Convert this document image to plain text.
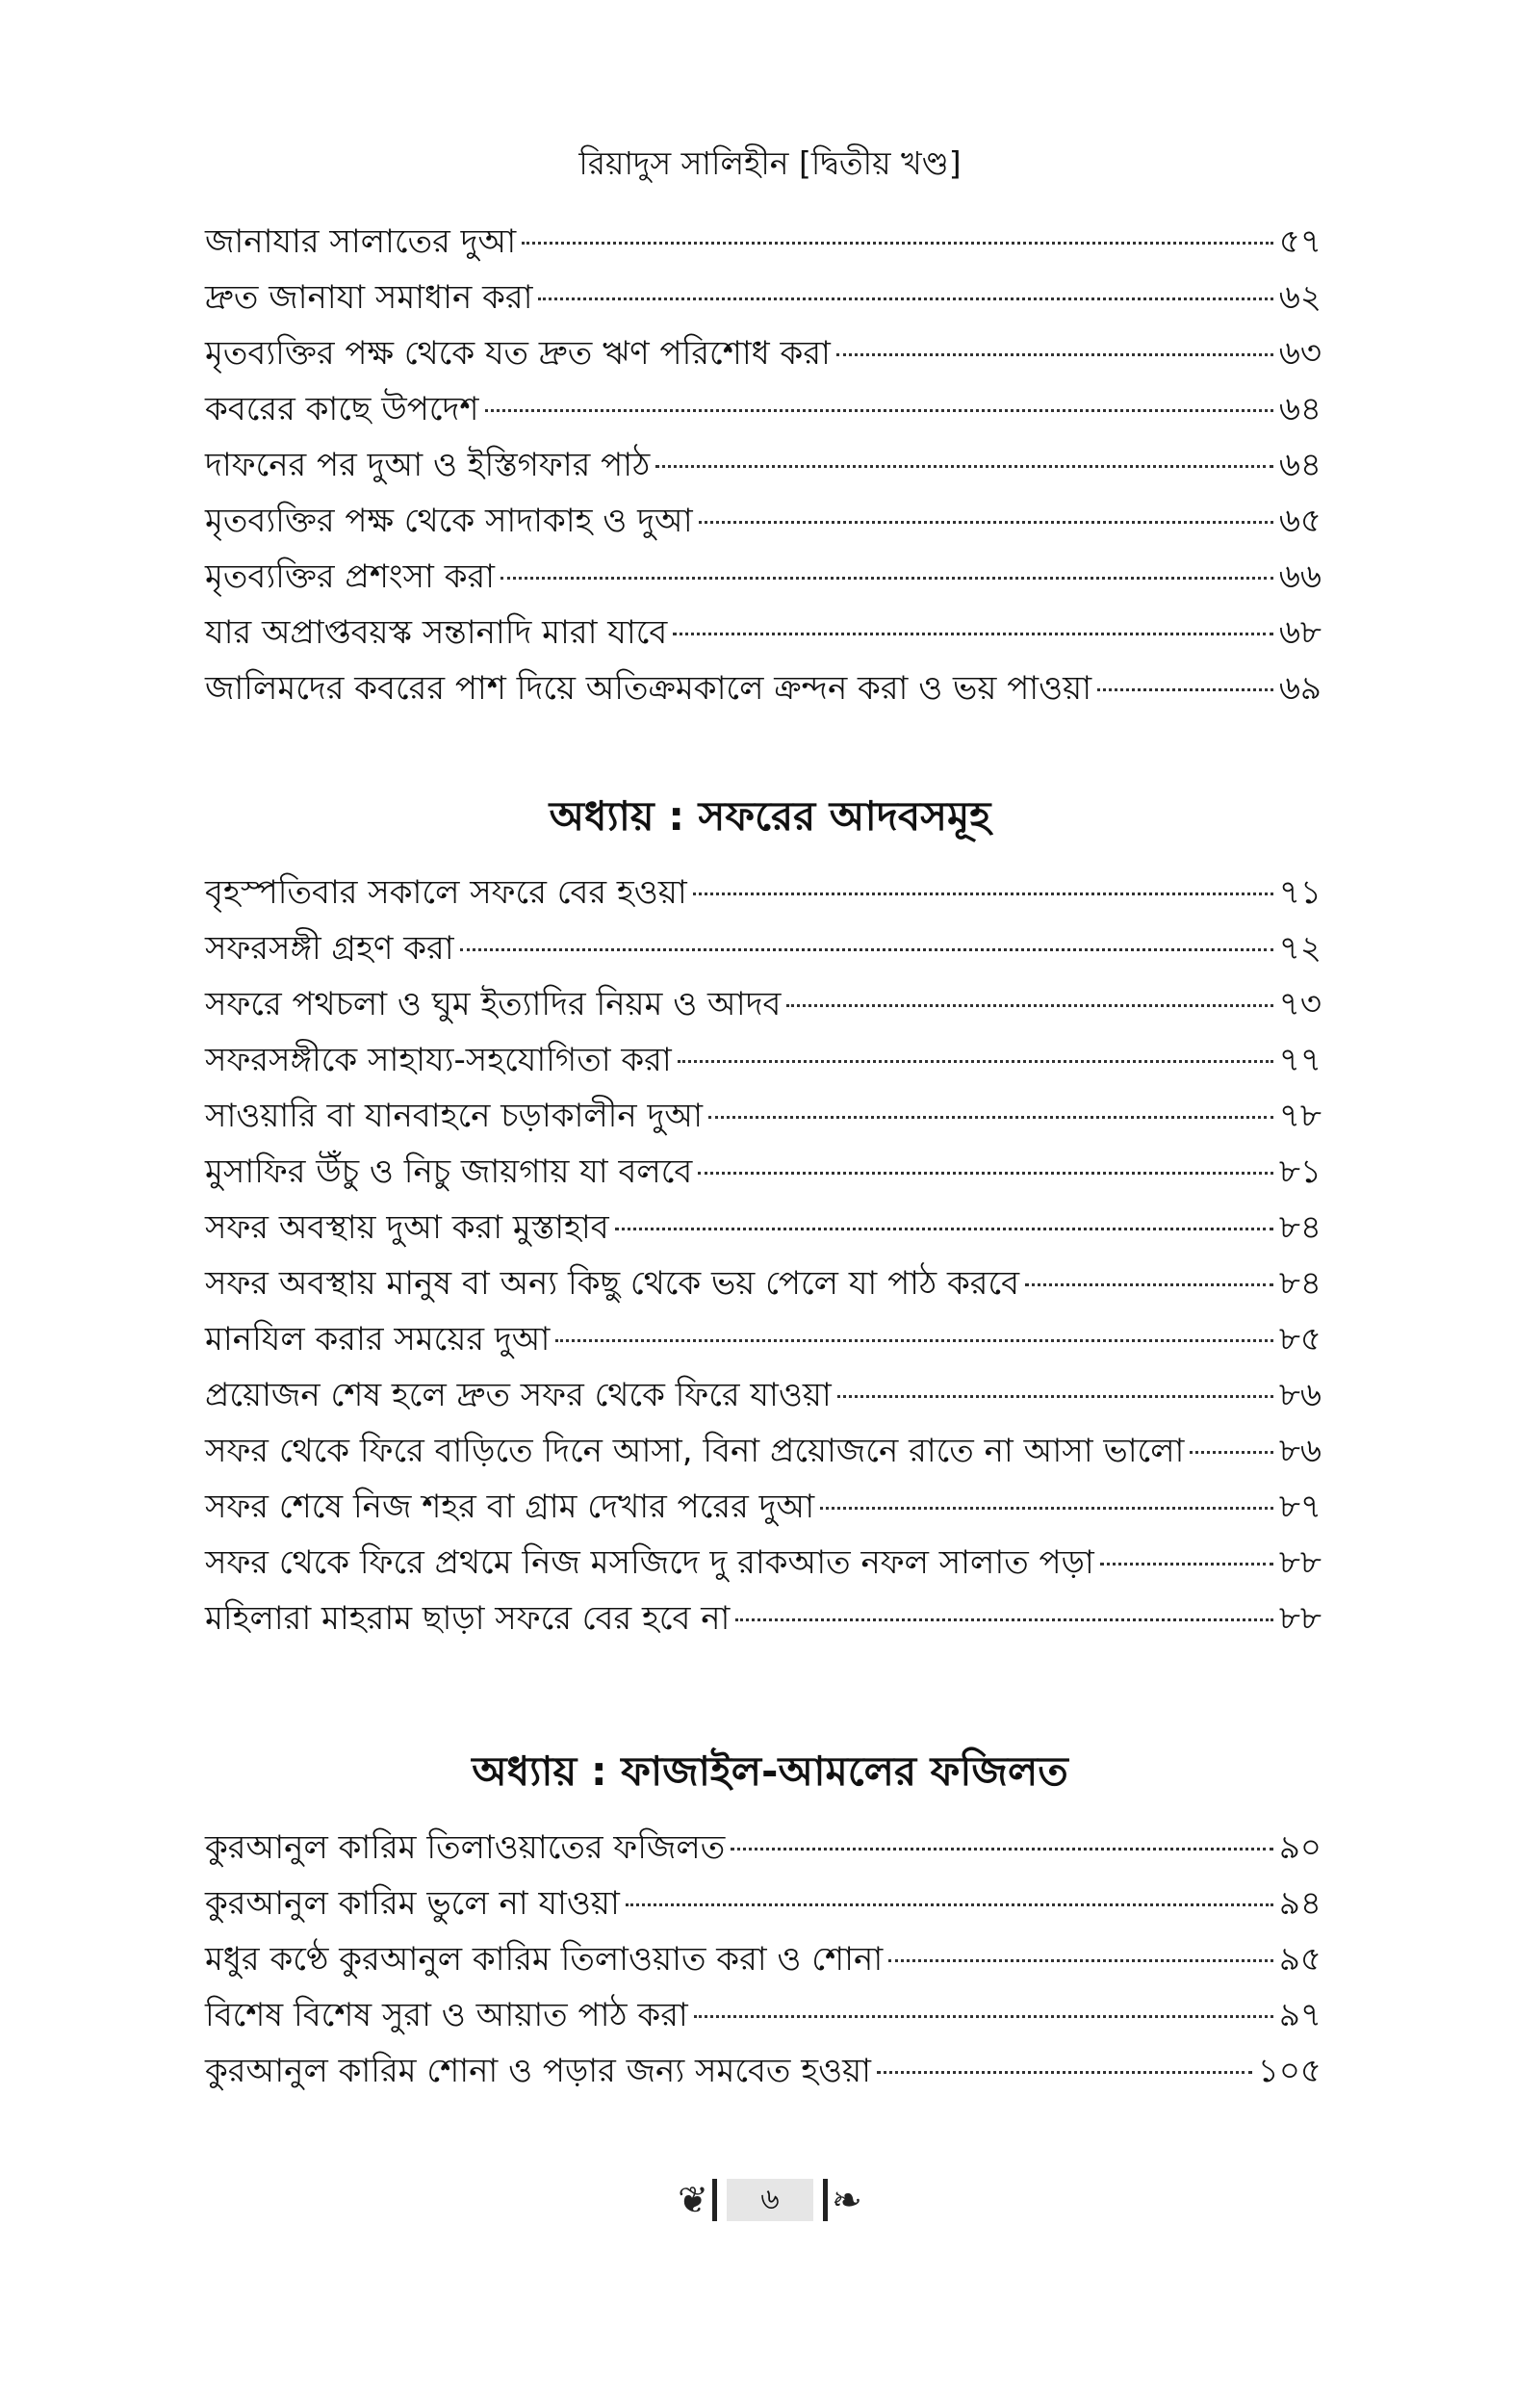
রিয়াদুস সালিহীন [দ্বিতীয় খণ্ড]
জানাযার সালাতের দুআ	৫৭
দ্রুত জানাযা সমাধান করা	৬২
মৃতব্যক্তির পক্ষ থেকে যত দ্রুত ঋণ পরিশোধ করা	৬৩
কবরের কাছে উপদেশ	৬৪
দাফনের পর দুআ ও ইস্তিগফার পাঠ	৬৪
মৃতব্যক্তির পক্ষ থেকে সাদাকাহ ও দুআ	৬৫
মৃতব্যক্তির প্রশংসা করা	৬৬
যার অপ্রাপ্তবয়স্ক সন্তানাদি মারা যাবে	৬৮
জালিমদের কবরের পাশ দিয়ে অতিক্রমকালে ক্রন্দন করা ও ভয় পাওয়া	৬৯
অধ্যায় : সফরের আদবসমূহ
বৃহস্পতিবার সকালে সফরে বের হওয়া	৭১
সফরসঙ্গী গ্রহণ করা	৭২
সফরে পথচলা ও ঘুম ইত্যাদির নিয়ম ও আদব	৭৩
সফরসঙ্গীকে সাহায্য-সহযোগিতা করা	৭৭
সাওয়ারি বা যানবাহনে চড়াকালীন দুআ	৭৮
মুসাফির উঁচু ও নিচু জায়গায় যা বলবে	৮১
সফর অবস্থায় দুআ করা মুস্তাহাব	৮৪
সফর অবস্থায় মানুষ বা অন্য কিছু থেকে ভয় পেলে যা পাঠ করবে	৮৪
মানযিল করার সময়ের দুআ	৮৫
প্রয়োজন শেষ হলে দ্রুত সফর থেকে ফিরে যাওয়া	৮৬
সফর থেকে ফিরে বাড়িতে দিনে আসা, বিনা প্রয়োজনে রাতে না আসা ভালো	৮৬
সফর শেষে নিজ শহর বা গ্রাম দেখার পরের দুআ	৮৭
সফর থেকে ফিরে প্রথমে নিজ মসজিদে দু রাকআত নফল সালাত পড়া	৮৮
মহিলারা মাহরাম ছাড়া সফরে বের হবে না	৮৮
অধ্যায় : ফাজাইল-আমলের ফজিলত
কুরআনুল কারিম তিলাওয়াতের ফজিলত	৯০
কুরআনুল কারিম ভুলে না যাওয়া	৯৪
মধুর কণ্ঠে কুরআনুল কারিম তিলাওয়াত করা ও শোনা	৯৫
বিশেষ বিশেষ সুরা ও আয়াত পাঠ করা	৯৭
কুরআনুল কারিম শোনা ও পড়ার জন্য সমবেত হওয়া	১০৫
❦	৬	❧
